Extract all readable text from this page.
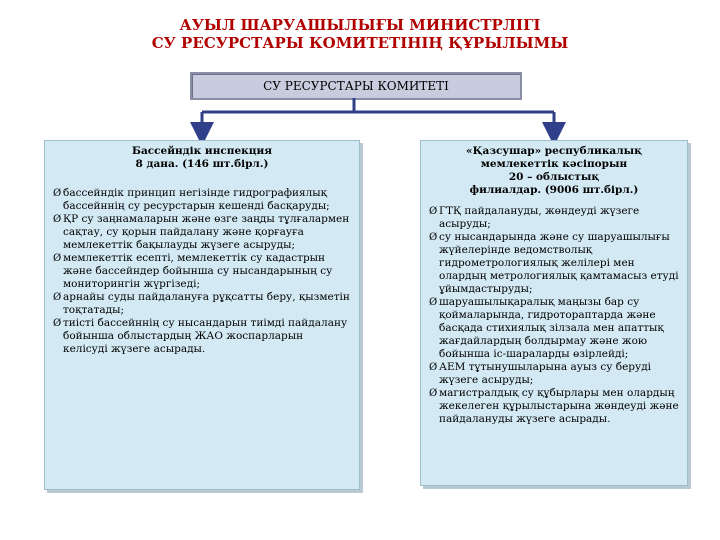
АУЫЛ ШАРУАШЫЛЫҒЫ МИНИСТРЛІГІ
СУ РЕСУРСТАРЫ КОМИТЕТІНІҢ ҚҰРЫЛЫМЫ
СУ РЕСУРСТАРЫ КОМИТЕТІ
Бассейндік инспекция
8 дана. (146 шт.бірл.)
Ø бассейндік принцип негізінде гидрографиялық бассейннің су ресурстарын кешенді басқаруды;
Ø ҚР су заңнамаларын және өзге заңды тұлғалармен сақтау, су қорын пайдалану және қорғауға мемлекеттік бақылауды жүзеге асыруды;
Ø мемлекеттік есепті, мемлекеттік су кадастрын және бассейндер бойынша су нысандарының су мониторингін жүргізеді;
Ø арнайы суды пайдалануға рұқсатты беру, қызметін тоқтатады;
Ø тиісті бассейннің су нысандарын тиімді пайдалану бойынша облыстардың ЖАО жоспарларын келісуді жүзеге асырады.
«Қазсушар» республикалық мемлекеттік кәсіпорын
20 – облыстық
филиалдар. (9006 шт.бірл.)
Ø ГТҚ пайдалануды, жөндеуді жүзеге асыруды;
Ø су нысандарында және су шаруашылығы жүйелерінде ведомстволық гидрометрологиялық желілері мен олардың метрологиялық қамтамасыз етуді ұйымдастыруды;
Ø шаруашылықаралық маңызы бар су қоймаларында, гидротораптарда және басқада стихиялық зілзала мен апаттық жағдайлардың болдырмау және жою бойынша іс-шараларды өзірлейді;
Ø АЕМ тұтынушыларына ауыз су беруді жүзеге асыруды;
Ø магистралдық су құбырлары мен олардың жекелеген құрылыстарына жөндеуді және пайдалануды жүзеге асырады.
